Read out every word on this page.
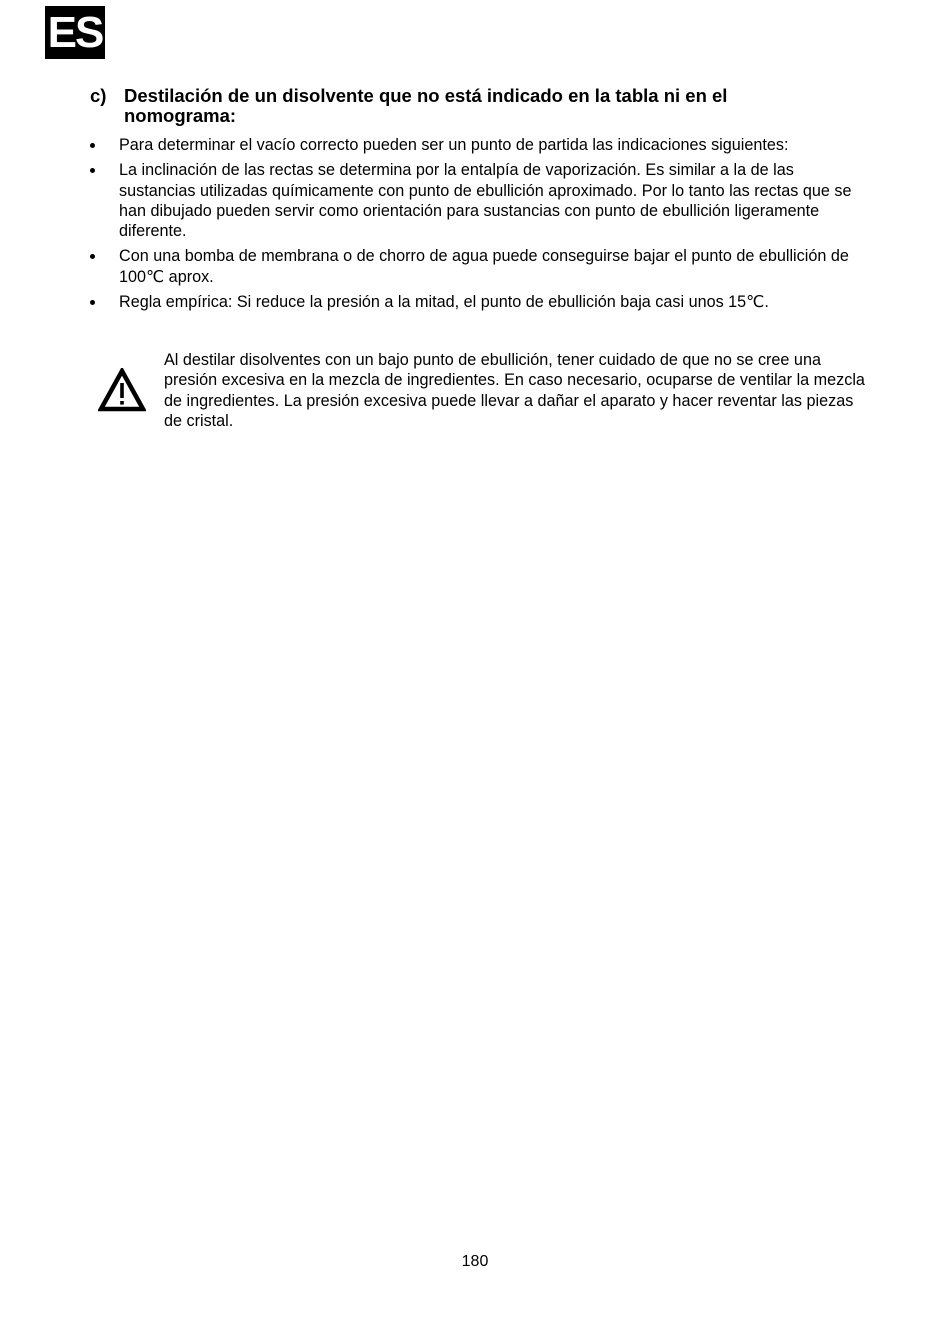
ES
c) Destilación de un disolvente que no está indicado en la tabla ni en el nomograma:
Para determinar el vacío correcto pueden ser un punto de partida las indicaciones siguientes:
La inclinación de las rectas se determina por la entalpía de vaporización. Es similar a la de las sustancias utilizadas químicamente con punto de ebullición aproximado. Por lo tanto las rectas que se han dibujado pueden servir como orientación para sustancias con punto de ebullición ligeramente diferente.
Con una bomba de membrana o de chorro de agua puede conseguirse bajar el punto de ebullición de 100℃ aprox.
Regla empírica: Si reduce la presión a la mitad, el punto de ebullición baja casi unos 15℃.
Al destilar disolventes con un bajo punto de ebullición, tener cuidado de que no se cree una presión excesiva en la mezcla de ingredientes. En caso necesario, ocuparse de ventilar la mezcla de ingredientes. La presión excesiva puede llevar a dañar el aparato y hacer reventar las piezas de cristal.
180
